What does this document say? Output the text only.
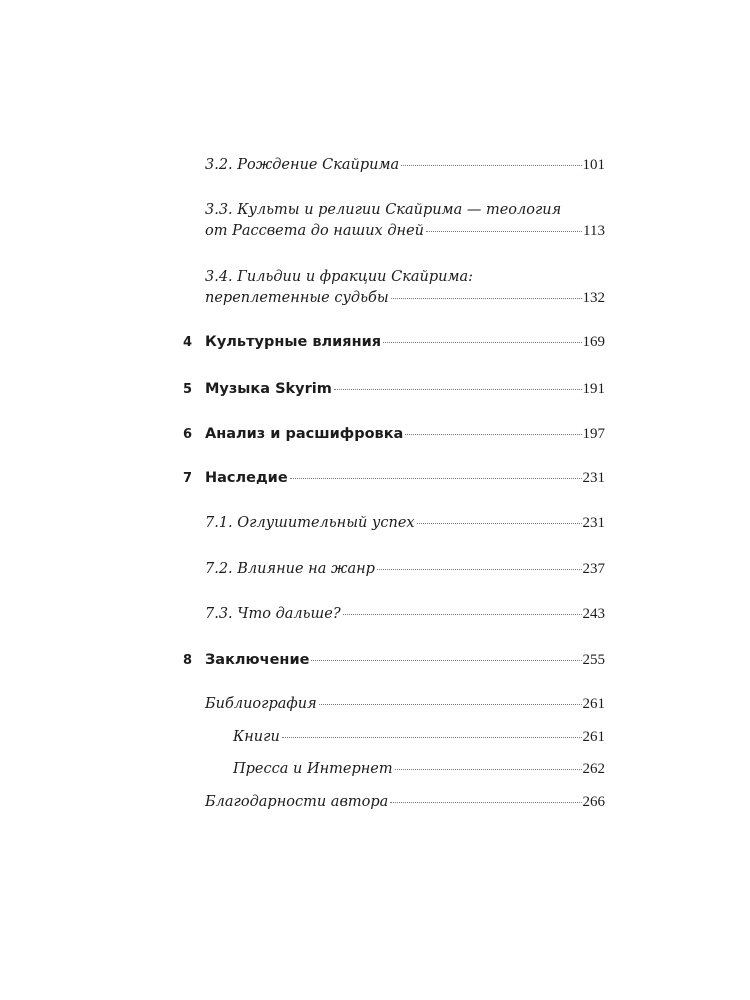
3.2. Рождение Скайрима	101
3.3. Культы и религии Скайрима — теология
от Рассвета до наших дней	113
3.4. Гильдии и фракции Скайрима:
переплетенные судьбы	132
4 Культурные влияния	169
5 Музыка Skyrim	191
6 Анализ и расшифровка	197
7 Наследие	231
7.1. Оглушительный успех	231
7.2. Влияние на жанр	237
7.3. Что дальше?	243
8 Заключение	255
Библиография	261
Книги	261
Пресса и Интернет	262
Благодарности автора	266
